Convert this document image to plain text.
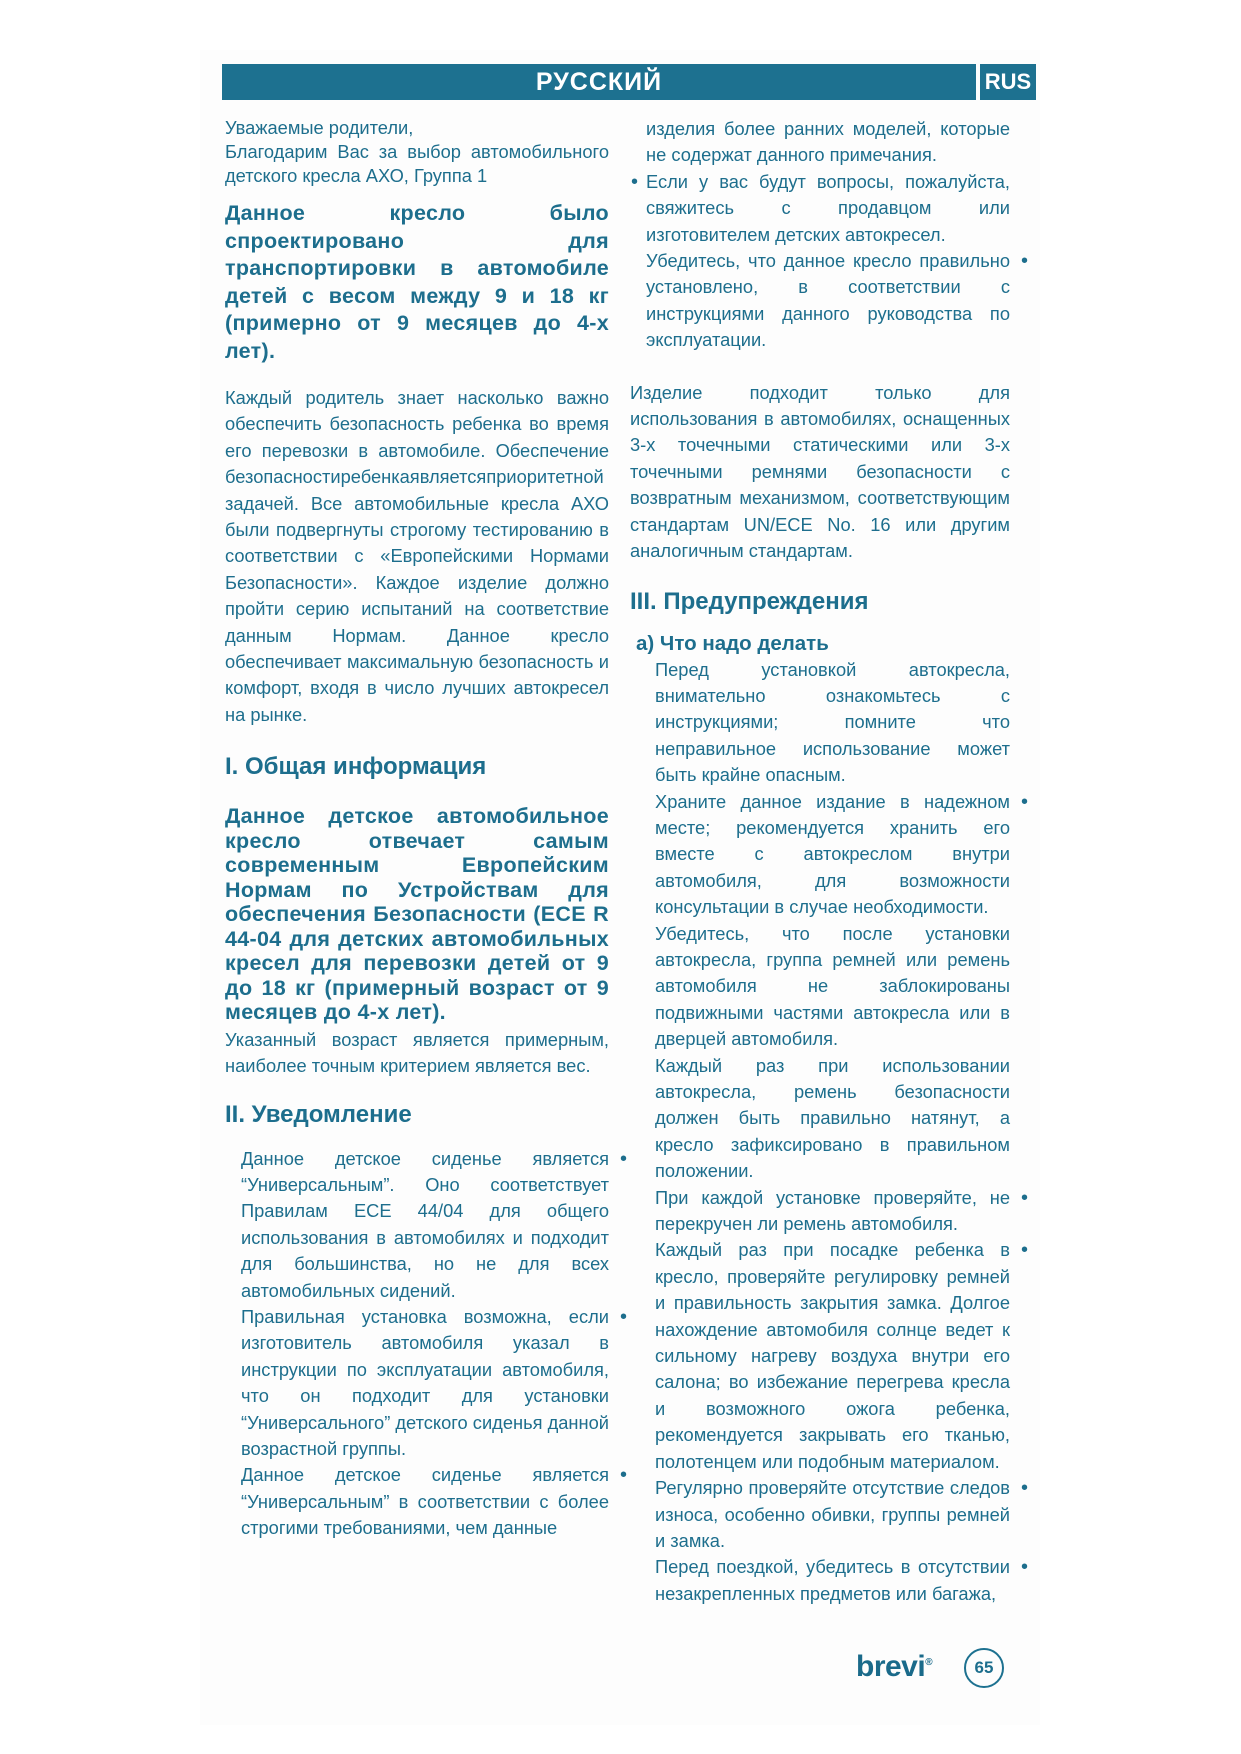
РУССКИЙ	RUS

Уважаемые родители,

Благодарим Вас за выбор автомобильного детского кресла АХО, Группа 1

Данное кресло было спроектировано для транспортировки в автомобиле детей с весом между 9 и 18 кг (примерно от 9 месяцев до 4-х лет).

Каждый родитель знает насколько важно обеспечить безопасность ребенка во время его перевозки в автомобиле. Обеспечение безопасностиребенкаявляетсяприоритетной задачей. Все автомобильные кресла АХО были подвергнуты строгому тестированию в соответствии с «Европейскими Нормами Безопасности». Каждое изделие должно пройти серию испытаний на соответствие данным Нормам. Данное кресло обеспечивает максимальную безопасность и комфорт, входя в число лучших автокресел на рынке.

I. Общая информация

Данное детское автомобильное кресло отвечает самым современным Европейским Нормам по Устройствам для обеспечения Безопасности (ECE R 44-04 для детских автомобильных кресел для перевозки детей от 9 до 18 кг (примерный возраст от 9 месяцев до 4-х лет).

Указанный возраст является примерным, наиболее точным критерием является вес.

II. Уведомление

Данное детское сиденье является “Универсальным”. Оно соответствует Правилам ECE 44/04 для общего использования в автомобилях и подходит для большинства, но не для всех автомобильных сидений. •

Правильная установка возможна, если изготовитель автомобиля указал в инструкции по эксплуатации автомобиля, что он подходит для установки “Универсального” детского сиденья данной возрастной группы. •

Данное детское сиденье является “Универсальным” в соответствии с более строгими требованиями, чем данные •

изделия более ранних моделей, которые не содержат данного примечания.

• Если у вас будут вопросы, пожалуйста, свяжитесь с продавцом или изготовителем детских автокресел.

Убедитесь, что данное кресло правильно установлено, в соответствии с инструкциями данного руководства по эксплуатации. •

Изделие подходит только для использования в автомобилях, оснащенных 3-х точечными статическими или 3-х точечными ремнями безопасности с возвратным механизмом, соответствующим стандартам UN/ECE No. 16 или другим аналогичным стандартам.

III. Предупреждения

a) Что надо делать

Перед установкой автокресла, внимательно ознакомьтесь с инструкциями; помните что неправильное использование может быть крайне опасным.

Храните данное издание в надежном месте; рекомендуется хранить его вместе с автокреслом внутри автомобиля, для возможности консультации в случае необходимости. •

Убедитесь, что после установки автокресла, группа ремней или ремень автомобиля не заблокированы подвижными частями автокресла или в дверцей автомобиля.

Каждый раз при использовании автокресла, ремень безопасности должен быть правильно натянут, а кресло зафиксировано в правильном положении.

При каждой установке проверяйте, не перекручен ли ремень автомобиля. •

Каждый раз при посадке ребенка в кресло, проверяйте регулировку ремней и правильность закрытия замка. Долгое нахождение автомобиля солнце ведет к сильному нагреву воздуха внутри его салона; во избежание перегрева кресла и возможного ожога ребенка, рекомендуется закрывать его тканью, полотенцем или подобным материалом. •

Регулярно проверяйте отсутствие следов износа, особенно обивки, группы ремней и замка. •

Перед поездкой, убедитесь в отсутствии незакрепленных предметов или багажа, •

brevi®	65
